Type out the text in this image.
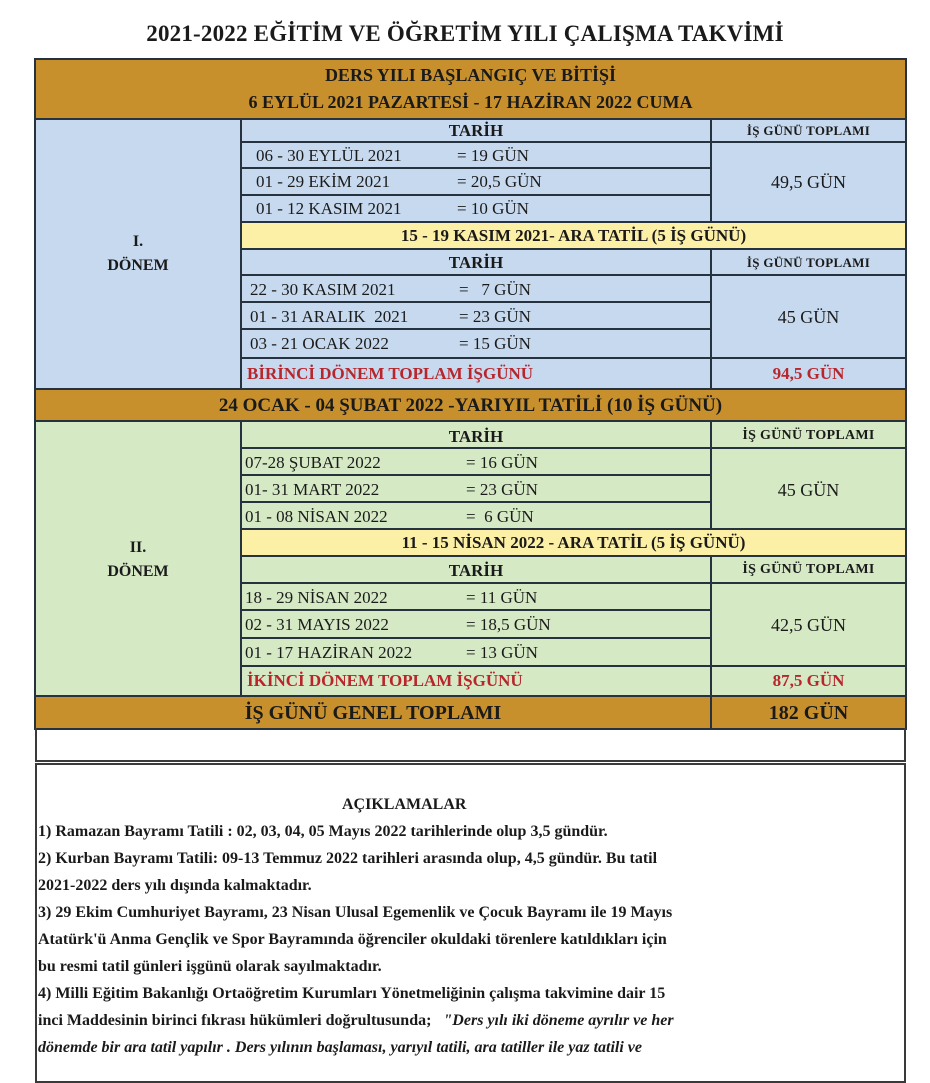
2021-2022 EĞİTİM VE ÖĞRETİM YILI ÇALIŞMA TAKVİMİ
DERS YILI BAŞLANGIÇ VE BİTİŞİ
6 EYLÜL 2021 PAZARTESİ - 17 HAZİRAN 2022 CUMA
I.
DÖNEM
TARİH	İŞ GÜNÜ TOPLAMI
06 - 30 EYLÜL 2021	= 19 GÜN
01 - 29 EKİM 2021	= 20,5 GÜN
01 - 12 KASIM 2021	= 10 GÜN
49,5 GÜN
15 - 19 KASIM 2021- ARA TATİL (5 İŞ GÜNÜ)
TARİH	İŞ GÜNÜ TOPLAMI
22 - 30 KASIM 2021	=   7 GÜN
01 - 31 ARALIK  2021	= 23 GÜN
03 - 21 OCAK 2022	= 15 GÜN
45 GÜN
BİRİNCİ DÖNEM TOPLAM İŞGÜNÜ	94,5 GÜN
24 OCAK - 04 ŞUBAT 2022 -YARIYIL TATİLİ (10 İŞ GÜNÜ)
II.
DÖNEM
TARİH	İŞ GÜNÜ TOPLAMI
07-28 ŞUBAT 2022	= 16 GÜN
01- 31 MART 2022	= 23 GÜN
01 - 08 NİSAN 2022	=  6 GÜN
45 GÜN
11 - 15 NİSAN 2022 - ARA TATİL (5 İŞ GÜNÜ)
TARİH	İŞ GÜNÜ TOPLAMI
18 - 29 NİSAN 2022	= 11 GÜN
02 - 31 MAYIS 2022	= 18,5 GÜN
01 - 17 HAZİRAN 2022	= 13 GÜN
42,5 GÜN
İKİNCİ DÖNEM TOPLAM İŞGÜNÜ	87,5 GÜN
İŞ GÜNÜ GENEL TOPLAMI	182 GÜN
AÇIKLAMALAR
1) Ramazan Bayramı Tatili : 02, 03, 04, 05 Mayıs 2022 tarihlerinde olup 3,5 gündür.
2) Kurban Bayramı Tatili: 09-13 Temmuz 2022 tarihleri arasında olup, 4,5 gündür. Bu tatil
2021-2022 ders yılı dışında kalmaktadır.
3) 29 Ekim Cumhuriyet Bayramı, 23 Nisan Ulusal Egemenlik ve Çocuk Bayramı ile 19 Mayıs
Atatürk'ü Anma Gençlik ve Spor Bayramında öğrenciler okuldaki törenlere katıldıkları için
bu resmi tatil günleri işgünü olarak sayılmaktadır.
4) Milli Eğitim Bakanlığı Ortaöğretim Kurumları Yönetmeliğinin çalışma takvimine dair 15
inci Maddesinin birinci fıkrası hükümleri doğrultusunda; "Ders yılı iki döneme ayrılır ve her
dönemde bir ara tatil yapılır . Ders yılının başlaması, yarıyıl tatili, ara tatiller ile yaz tatili ve
